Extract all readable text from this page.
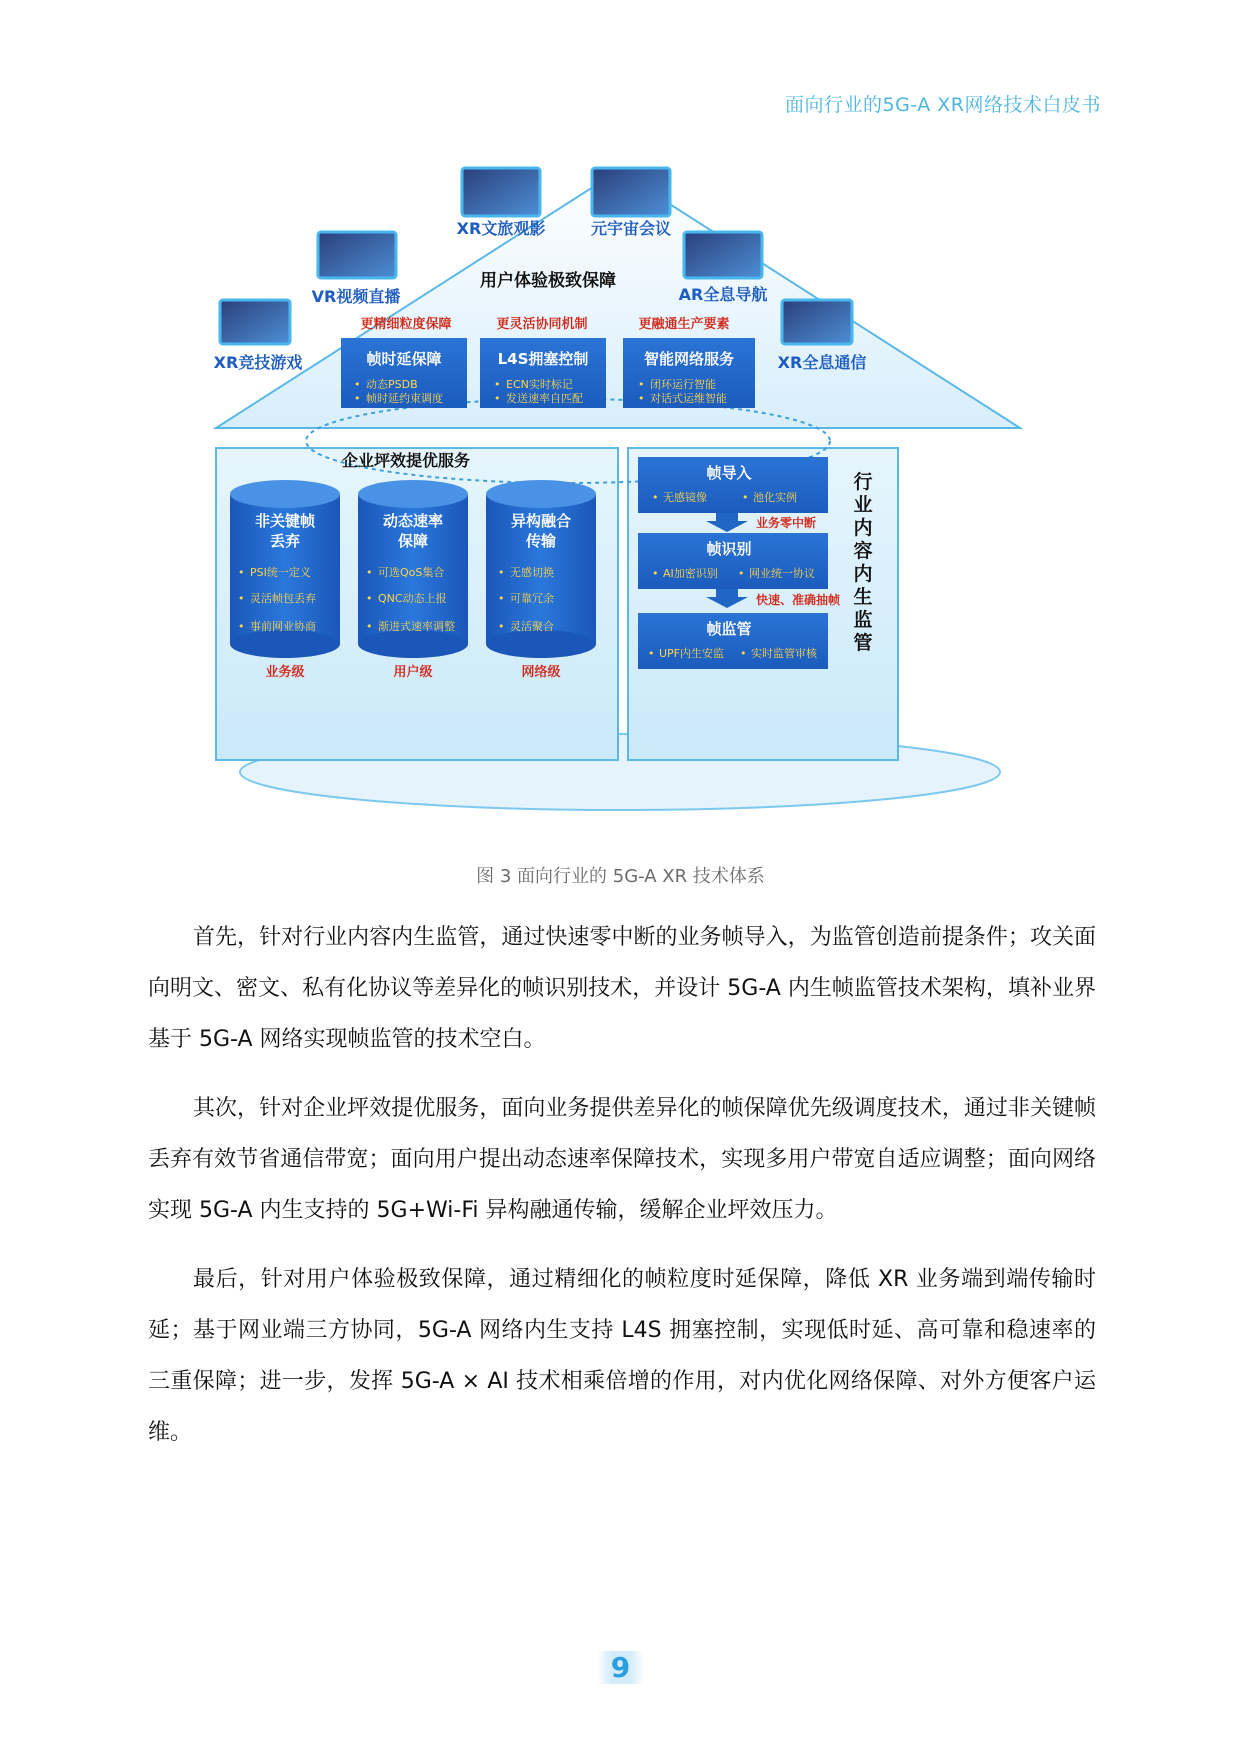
面向行业的5G-A XR网络技术白皮书
XR文旅观影	元宇宙会议
VR视频直播	AR全息导航
XR竞技游戏	XR全息通信
用户体验极致保障
更精细粒度保障
帧时延保障
• 动态PSDB
• 帧时延约束调度
更灵活协同机制
L4S拥塞控制
• ECN实时标记
• 发送速率自匹配
更融通生产要素
智能网络服务
• 闭环运行智能
• 对话式运维智能
企业坪效提优服务
非关键帧
丢弃
• PSI统一定义
• 灵活帧包丢弃
• 事前网业协商
业务级
动态速率
保障
• 可选QoS集合
• QNC动态上报
• 渐进式速率调整
用户级
异构融合
传输
• 无感切换
• 可靠冗余
• 灵活聚合
网络级
帧导入
• 无感镜像	• 池化实例
业务零中断
帧识别
• AI加密识别 • 网业统一协议
快速、准确抽帧
帧监管
• UPF内生安监 • 实时监管审核
行
业
内
容
内
生
监
管
图 3 面向行业的 5G-A XR 技术体系

首先，针对行业内容内生监管，通过快速零中断的业务帧导入，为监管创造前提条件；攻关面向明文、密文、私有化协议等差异化的帧识别技术，并设计 5G-A 内生帧监管技术架构，填补业界基于 5G-A 网络实现帧监管的技术空白。

其次，针对企业坪效提优服务，面向业务提供差异化的帧保障优先级调度技术，通过非关键帧丢弃有效节省通信带宽；面向用户提出动态速率保障技术，实现多用户带宽自适应调整；面向网络实现 5G-A 内生支持的 5G+Wi-Fi 异构融通传输，缓解企业坪效压力。

最后，针对用户体验极致保障，通过精细化的帧粒度时延保障，降低 XR 业务端到端传输时延；基于网业端三方协同，5G-A 网络内生支持 L4S 拥塞控制，实现低时延、高可靠和稳速率的三重保障；进一步，发挥 5G-A × AI 技术相乘倍增的作用，对内优化网络保障、对外方便客户运维。

9
